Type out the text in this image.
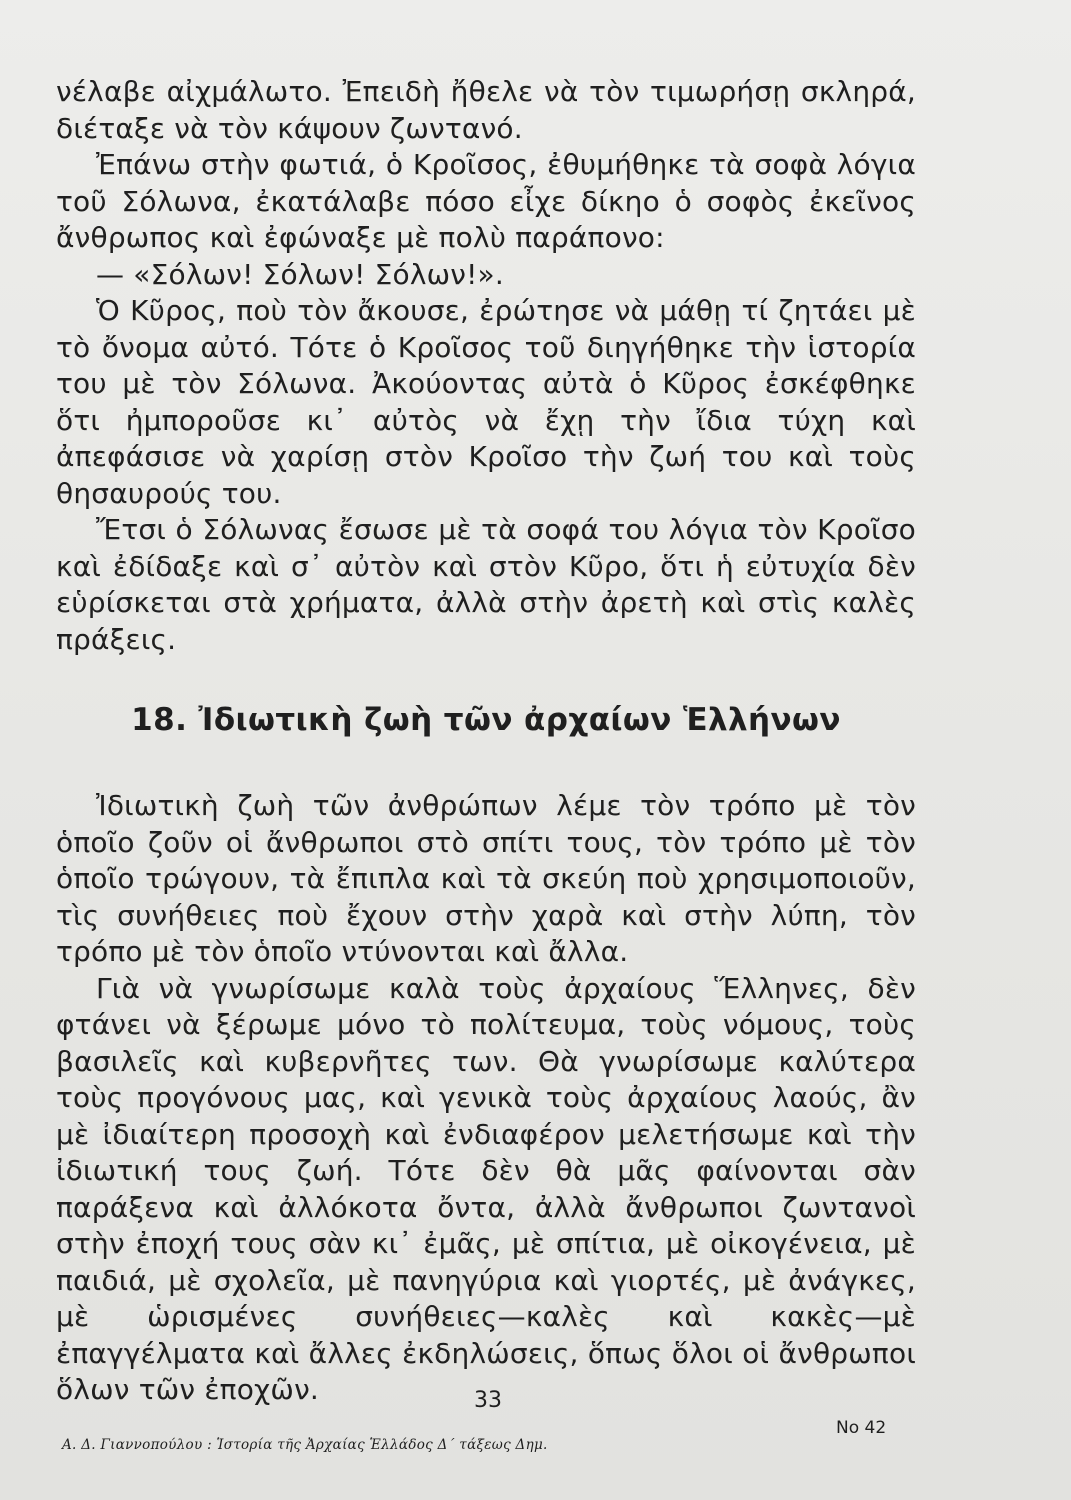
νέλαβε αἰχμάλωτο. Ἐπειδὴ ἤθελε νὰ τὸν τιμωρήσῃ σκληρά, διέταξε νὰ τὸν κάψουν ζωντανό.

Ἐπάνω στὴν φωτιά, ὁ Κροῖσος, ἐθυμήθηκε τὰ σοφὰ λόγια τοῦ Σόλωνα, ἐκατάλαβε πόσο εἶχε δίκηο ὁ σοφὸς ἐκεῖνος ἄνθρωπος καὶ ἐφώναξε μὲ πολὺ παράπονο:

— «Σόλων! Σόλων! Σόλων!».

Ὁ Κῦρος, ποὺ τὸν ἄκουσε, ἐρώτησε νὰ μάθῃ τί ζητάει μὲ τὸ ὄνομα αὐτό. Τότε ὁ Κροῖσος τοῦ διηγήθηκε τὴν ἱστορία του μὲ τὸν Σόλωνα. Ἀκούοντας αὐτὰ ὁ Κῦρος ἐσκέφθηκε ὅτι ἠμποροῦσε κι᾿ αὐτὸς νὰ ἔχῃ τὴν ἴδια τύχη καὶ ἀπεφάσισε νὰ χαρίσῃ στὸν Κροῖσο τὴν ζωή του καὶ τοὺς θησαυρούς του.

Ἔτσι ὁ Σόλωνας ἔσωσε μὲ τὰ σοφά του λόγια τὸν Κροῖσο καὶ ἐδίδαξε καὶ σ᾿ αὐτὸν καὶ στὸν Κῦρο, ὅτι ἡ εὐτυχία δὲν εὑρίσκεται στὰ χρήματα, ἀλλὰ στὴν ἀρετὴ καὶ στὶς καλὲς πράξεις.

18. Ἰδιωτικὴ ζωὴ τῶν ἀρχαίων Ἑλλήνων

Ἰδιωτικὴ ζωὴ τῶν ἀνθρώπων λέμε τὸν τρόπο μὲ τὸν ὁποῖο ζοῦν οἱ ἄνθρωποι στὸ σπίτι τους, τὸν τρόπο μὲ τὸν ὁποῖο τρώγουν, τὰ ἔπιπλα καὶ τὰ σκεύη ποὺ χρησιμοποιοῦν, τὶς συνήθειες ποὺ ἔχουν στὴν χαρὰ καὶ στὴν λύπη, τὸν τρόπο μὲ τὸν ὁποῖο ντύνονται καὶ ἄλλα.

Γιὰ νὰ γνωρίσωμε καλὰ τοὺς ἀρχαίους Ἕλληνες, δὲν φτάνει νὰ ξέρωμε μόνο τὸ πολίτευμα, τοὺς νόμους, τοὺς βασιλεῖς καὶ κυβερνῆτες των. Θὰ γνωρίσωμε καλύτερα τοὺς προγόνους μας, καὶ γενικὰ τοὺς ἀρχαίους λαούς, ἂν μὲ ἰδιαίτερη προσοχὴ καὶ ἐνδιαφέρον μελετήσωμε καὶ τὴν ἰδιωτική τους ζωή. Τότε δὲν θὰ μᾶς φαίνονται σὰν παράξενα καὶ ἀλλόκοτα ὄντα, ἀλλὰ ἄνθρωποι ζωντανοὶ στὴν ἐποχή τους σὰν κι᾿ ἐμᾶς, μὲ σπίτια, μὲ οἰκογένεια, μὲ παιδιά, μὲ σχολεῖα, μὲ πανηγύρια καὶ γιορτές, μὲ ἀνάγκες, μὲ ὡρισμένες συνήθειες—καλὲς καὶ κακὲς—μὲ ἐπαγγέλματα καὶ ἄλλες ἐκδηλώσεις, ὅπως ὅλοι οἱ ἄνθρωποι ὅλων τῶν ἐποχῶν.	33
Α. Δ. Γιαννοπούλου : Ἱστορία τῆς Ἀρχαίας Ἑλλάδος Δ΄ τάξεως Δημ.
No 42
